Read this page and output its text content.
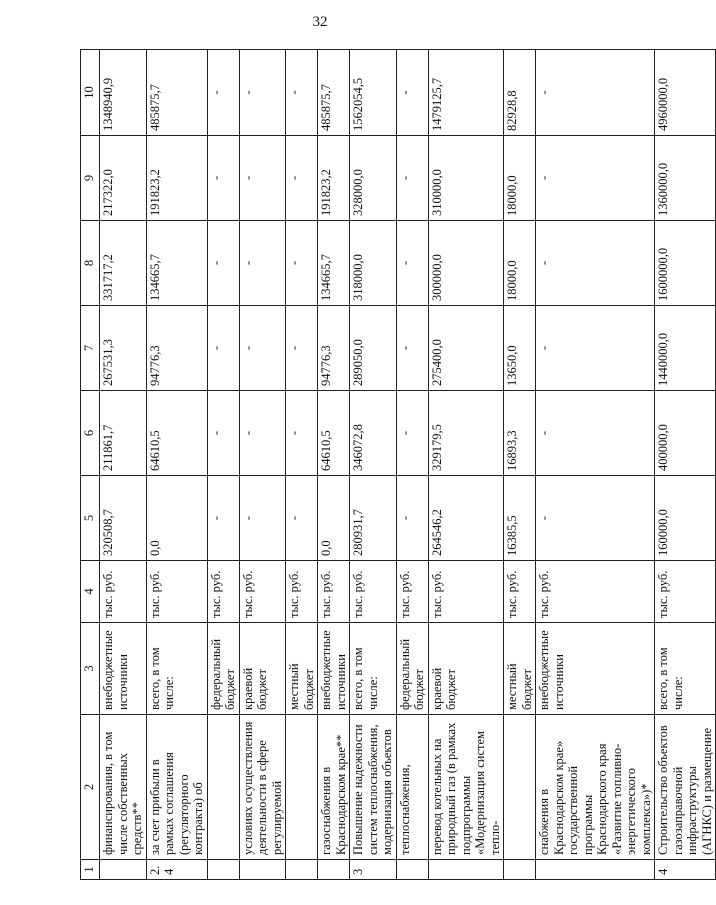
32
1	2	3	4	5	6	7	8	9	10
	финансирования, в том числе собственных средств**	внебюджетные источники	тыс. руб.	320508,7	211861,7	267531,3	331717,2	217322,0	1348940,9
2.4	за счет прибыли в рамках соглашения (регуляторного контракта) об	всего, в том числе:	тыс. руб.	0,0	64610,5	94776,3	134665,7	191823,2	485875,7
		федеральный бюджет	тыс. руб.	-	-	-	-	-	-
	условиях осуществления деятельности в сфере регулируемой	краевой бюджет	тыс. руб.	-	-	-	-	-	-
		местный бюджет	тыс. руб.	-	-	-	-	-	-
	газоснабжения в Краснодарском крае**	внебюджетные источники	тыс. руб.	0,0	64610,5	94776,3	134665,7	191823,2	485875,7
3	Повышение надежности систем теплоснабжения, модернизация объектов	всего, в том числе:	тыс. руб.	280931,7	346072,8	289050,0	318000,0	328000,0	1562054,5
	теплоснабжения,	федеральный бюджет	тыс. руб.	-	-	-	-	-	-
	перевод котельных на природный газ (в рамках подпрограммы «Модернизация систем тепло-	краевой бюджет	тыс. руб.	264546,2	329179,5	275400,0	300000,0	310000,0	1479125,7
		местный бюджет	тыс. руб.	16385,5	16893,3	13650,0	18000,0	18000,0	82928,8
	снабжения в Краснодарском крае» государственной программы Краснодарского края «Развитие топливно-энергетического комплекса»)*	внебюджетные источники	тыс. руб.	-	-	-	-	-	-
4	Строительство объектов газозаправочной инфраструктуры (АГНКС) и размещение	всего, в том числе:	тыс. руб.	160000,0	400000,0	1440000,0	1600000,0	1360000,0	4960000,0
